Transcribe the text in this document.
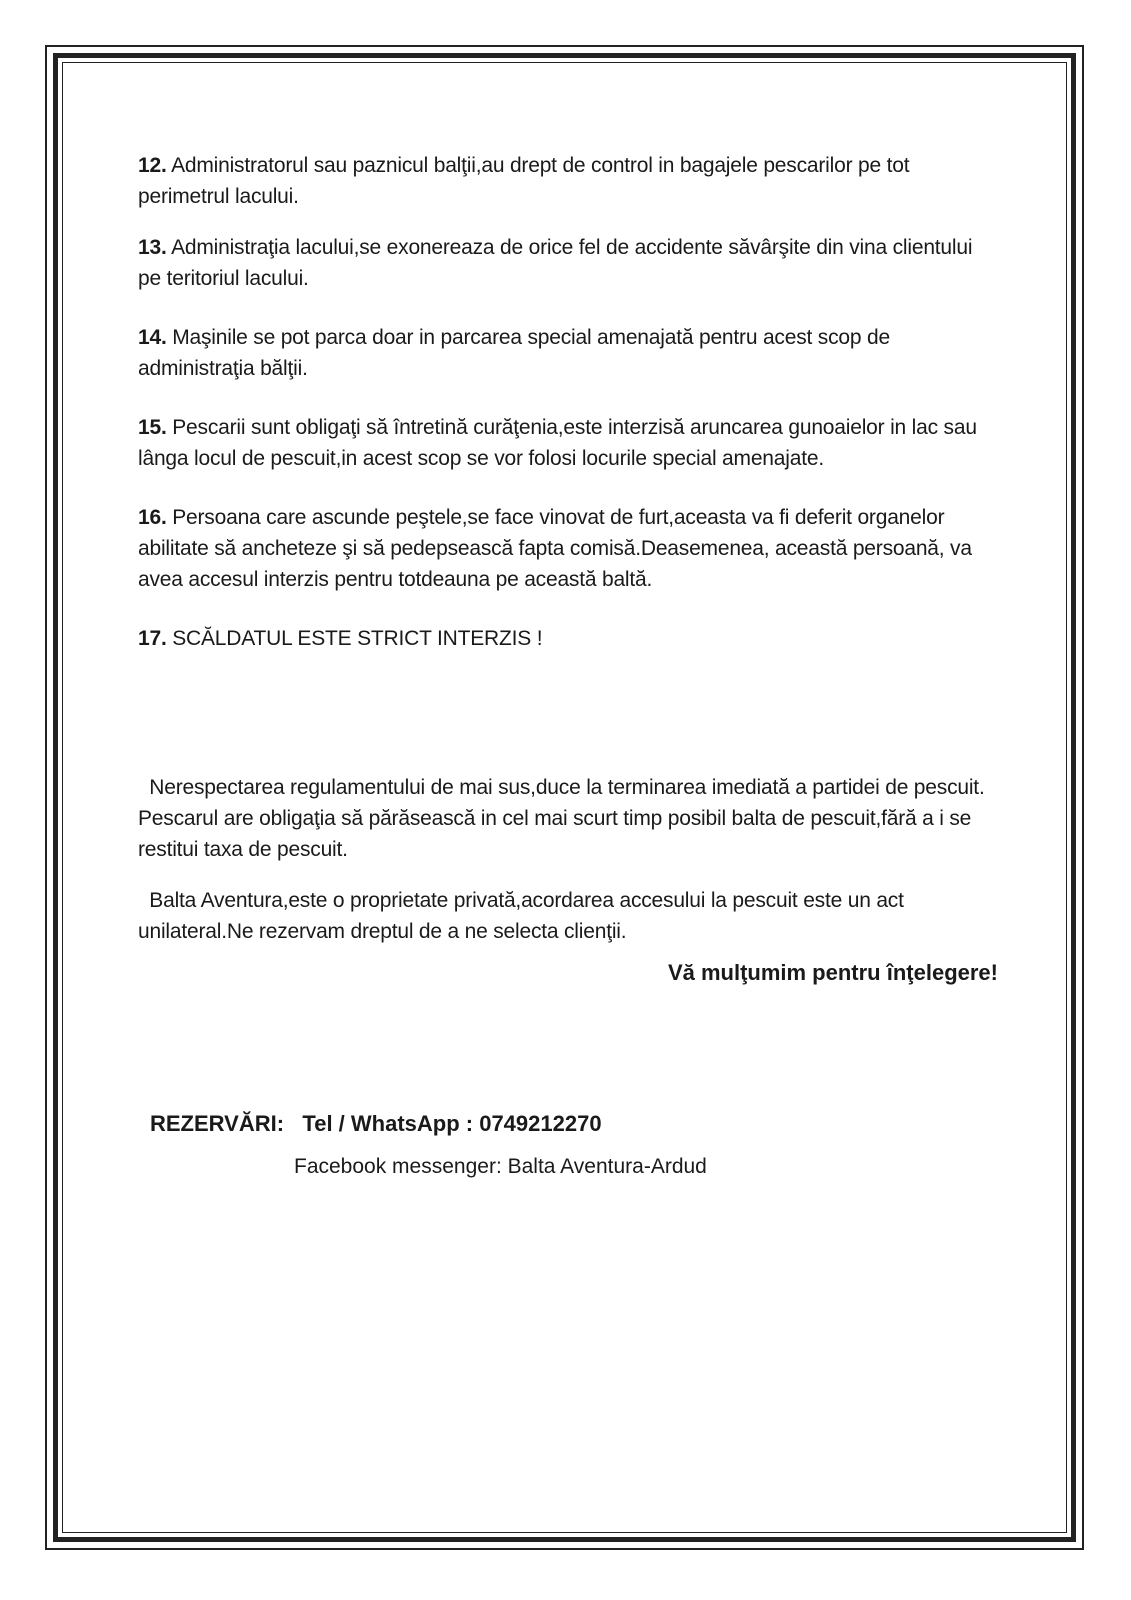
12. Administratorul sau paznicul balţii,au drept de control in bagajele pescarilor pe tot perimetrul lacului.

13. Administraţia lacului,se exonereaza de orice fel de accidente săvârşite din vina clientului pe teritoriul lacului.

14. Maşinile se pot parca doar in parcarea special amenajată pentru acest scop de administraţia bălţii.

15. Pescarii sunt obligaţi să întretină curăţenia,este interzisă aruncarea gunoaielor in lac sau lânga locul de pescuit,in acest scop se vor folosi locurile special amenajate.

16. Persoana care ascunde peştele,se face vinovat de furt,aceasta va fi deferit organelor abilitate să ancheteze şi să pedepsească fapta comisă.Deasemenea, această persoană, va avea accesul interzis pentru totdeauna pe această baltă.

17. SCĂLDATUL ESTE STRICT INTERZIS !

Nerespectarea regulamentului de mai sus,duce la terminarea imediată a partidei de pescuit. Pescarul are obligaţia să părăsească in cel mai scurt timp posibil balta de pescuit,fără a i se restitui taxa de pescuit.

Balta Aventura,este o proprietate privată,acordarea accesului la pescuit este un act unilateral.Ne rezervam dreptul de a ne selecta clienţii.

Vă mulţumim pentru înţelegere!

REZERVĂRI: Tel / WhatsApp : 0749212270

Facebook messenger: Balta Aventura-Ardud
